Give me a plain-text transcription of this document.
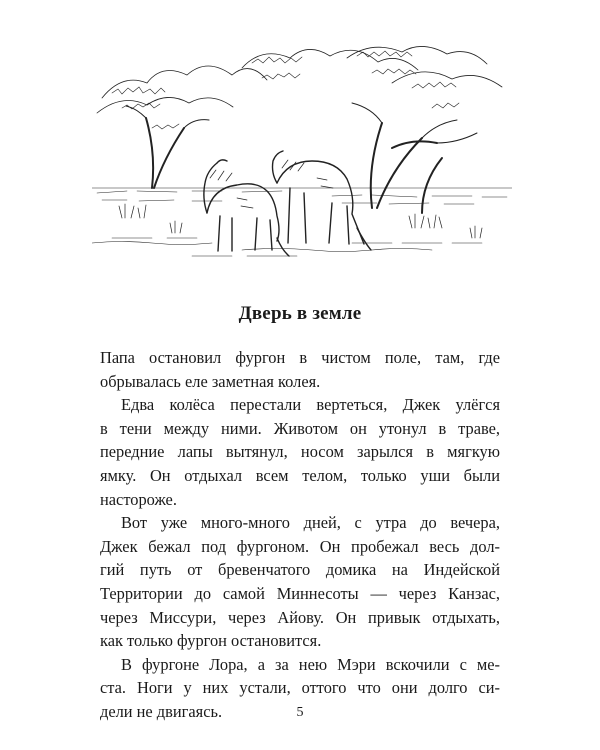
Дверь в земле
Папа остановил фургон в чистом поле, там, где
обрывалась еле заметная колея.
Едва колёса перестали вертеться, Джек улёгся
в тени между ними. Животом он утонул в траве,
передние лапы вытянул, носом зарылся в мягкую
ямку. Он отдыхал всем телом, только уши были
настороже.
Вот уже много-много дней, с утра до вечера,
Джек бежал под фургоном. Он пробежал весь дол-
гий путь от бревенчатого домика на Индейской
Территории до самой Миннесоты — через Канзас,
через Миссури, через Айову. Он привык отдыхать,
как только фургон остановится.
В фургоне Лора, а за нею Мэри вскочили с ме-
ста. Ноги у них устали, оттого что они долго си-
дели не двигаясь.	5
